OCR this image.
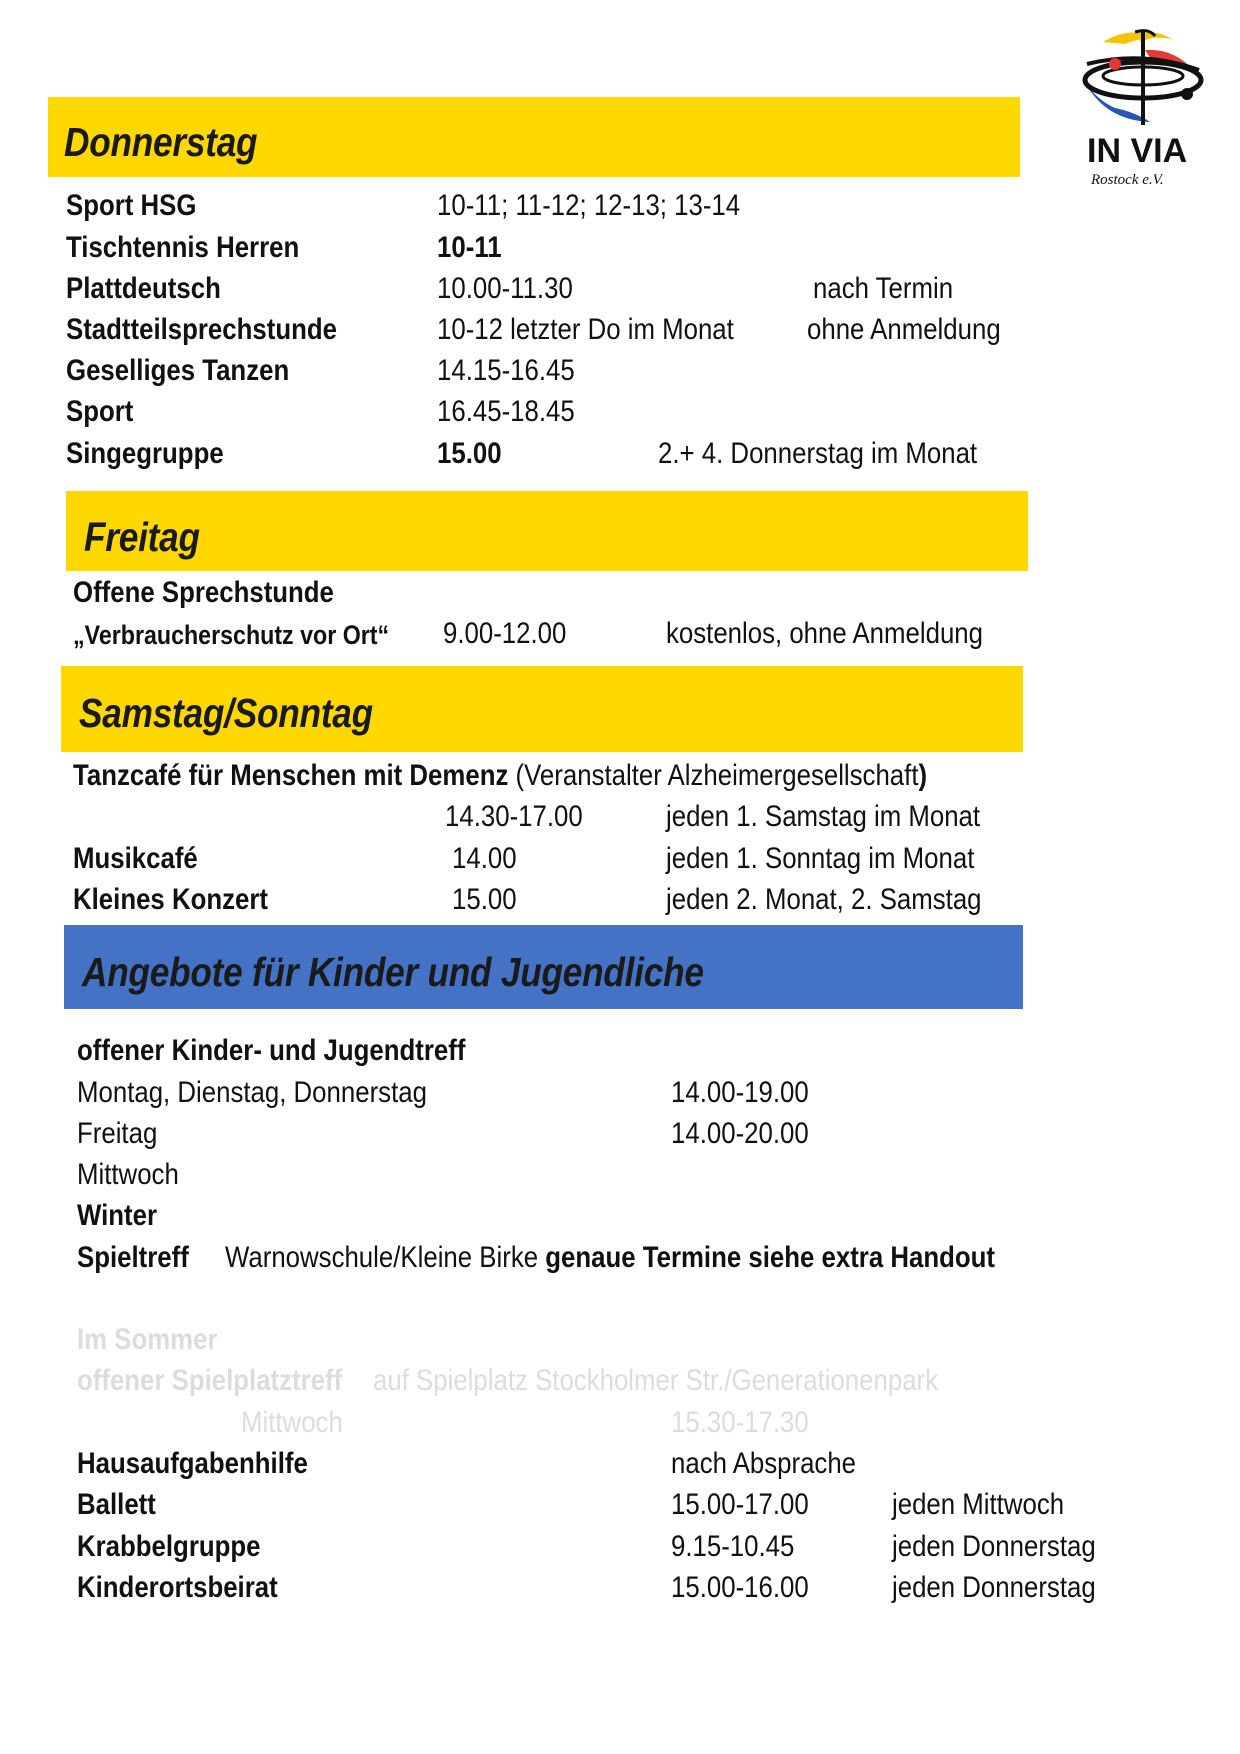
IN VIA
Rostock e.V.
Donnerstag
Sport HSG	10-11; 11-12; 12-13; 13-14
Tischtennis Herren	10-11
Plattdeutsch	10.00-11.30	nach Termin
Stadtteilsprechstunde	10-12 letzter Do im Monat ohne Anmeldung
Geselliges Tanzen	14.15-16.45
Sport	16.45-18.45
Singegruppe	15.00	2.+ 4. Donnerstag im Monat
Freitag
Offene Sprechstunde
„Verbraucherschutz vor Ort“ 9.00-12.00	kostenlos, ohne Anmeldung
Samstag/Sonntag
Tanzcafé für Menschen mit Demenz (Veranstalter Alzheimergesellschaft)
14.30-17.00	jeden 1. Samstag im Monat
Musikcafé	14.00	jeden 1. Sonntag im Monat
Kleines Konzert	15.00	jeden 2. Monat, 2. Samstag
Angebote für Kinder und Jugendliche
offener Kinder- und Jugendtreff
Montag, Dienstag, Donnerstag	14.00-19.00
Freitag	14.00-20.00
Mittwoch
Winter
Spieltreff Warnowschule/Kleine Birke genaue Termine siehe extra Handout
Im Sommer
offener Spielplatztreff auf Spielplatz Stockholmer Str./Generationenpark
Mittwoch	15.30-17.30
Hausaufgabenhilfe	nach Absprache
Ballett	15.00-17.00	jeden Mittwoch
Krabbelgruppe	9.15-10.45	jeden Donnerstag
Kinderortsbeirat	15.00-16.00	jeden Donnerstag
